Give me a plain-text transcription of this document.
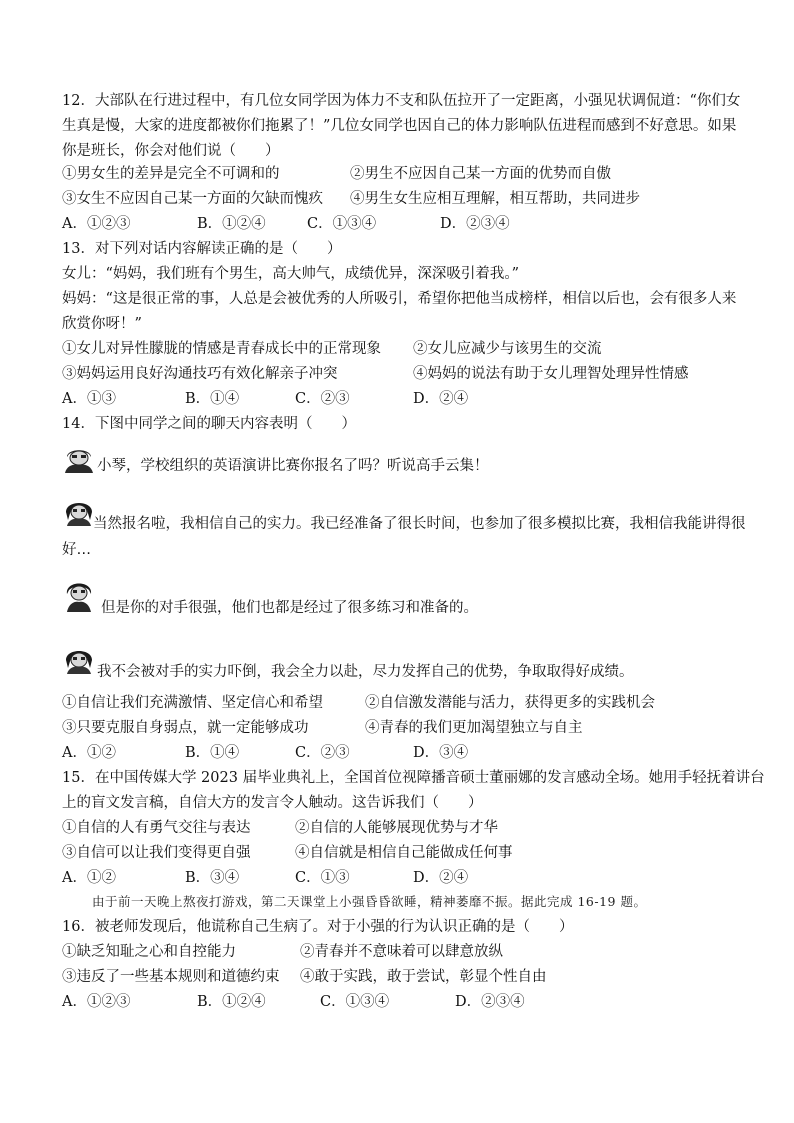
12．大部队在行进过程中，有几位女同学因为体力不支和队伍拉开了一定距离，小强见状调侃道：“你们女
生真是慢，大家的进度都被你们拖累了！”几位女同学也因自己的体力影响队伍进程而感到不好意思。如果
你是班长，你会对他们说（　　）
①男女生的差异是完全不可调和的	②男生不应因自己某一方面的优势而自傲
③女生不应因自己某一方面的欠缺而愧疚 ④男生女生应相互理解，相互帮助，共同进步
A．①②③	B．①②④	C．①③④	D．②③④
13．对下列对话内容解读正确的是（　　）
女儿：“妈妈，我们班有个男生，高大帅气，成绩优异，深深吸引着我。”
妈妈：“这是很正常的事，人总是会被优秀的人所吸引，希望你把他当成榜样，相信以后也，会有很多人来
欣赏你呀！”
①女儿对异性朦胧的情感是青春成长中的正常现象 ②女儿应减少与该男生的交流
③妈妈运用良好沟通技巧有效化解亲子冲突	④妈妈的说法有助于女儿理智处理异性情感
A．①③	B．①④	C．②③	D．②④
14．下图中同学之间的聊天内容表明（　　）
小琴，学校组织的英语演讲比赛你报名了吗？听说高手云集！
当然报名啦，我相信自己的实力。我已经准备了很长时间，也参加了很多模拟比赛，我相信我能讲得很
好…
但是你的对手很强，他们也都是经过了很多练习和准备的。
我不会被对手的实力吓倒，我会全力以赴，尽力发挥自己的优势，争取取得好成绩。
①自信让我们充满激情、坚定信心和希望	②自信激发潜能与活力，获得更多的实践机会
③只要克服自身弱点，就一定能够成功	④青春的我们更加渴望独立与自主
A．①②	B．①④	C．②③	D．③④
15．在中国传媒大学 2023 届毕业典礼上，全国首位视障播音硕士董丽娜的发言感动全场。她用手轻抚着讲台
上的盲文发言稿，自信大方的发言令人触动。这告诉我们（　　）
①自信的人有勇气交往与表达	②自信的人能够展现优势与才华
③自信可以让我们变得更自强	④自信就是相信自己能做成任何事
A．①②	B．③④	C．①③	D．②④
由于前一天晚上熬夜打游戏，第二天课堂上小强昏昏欲睡，精神萎靡不振。据此完成 16-19 题。
16．被老师发现后，他谎称自己生病了。对于小强的行为认识正确的是（　　）
①缺乏知耻之心和自控能力	②青春并不意味着可以肆意放纵
③违反了一些基本规则和道德约束 ④敢于实践，敢于尝试，彰显个性自由
A．①②③	B．①②④	C．①③④	D．②③④
